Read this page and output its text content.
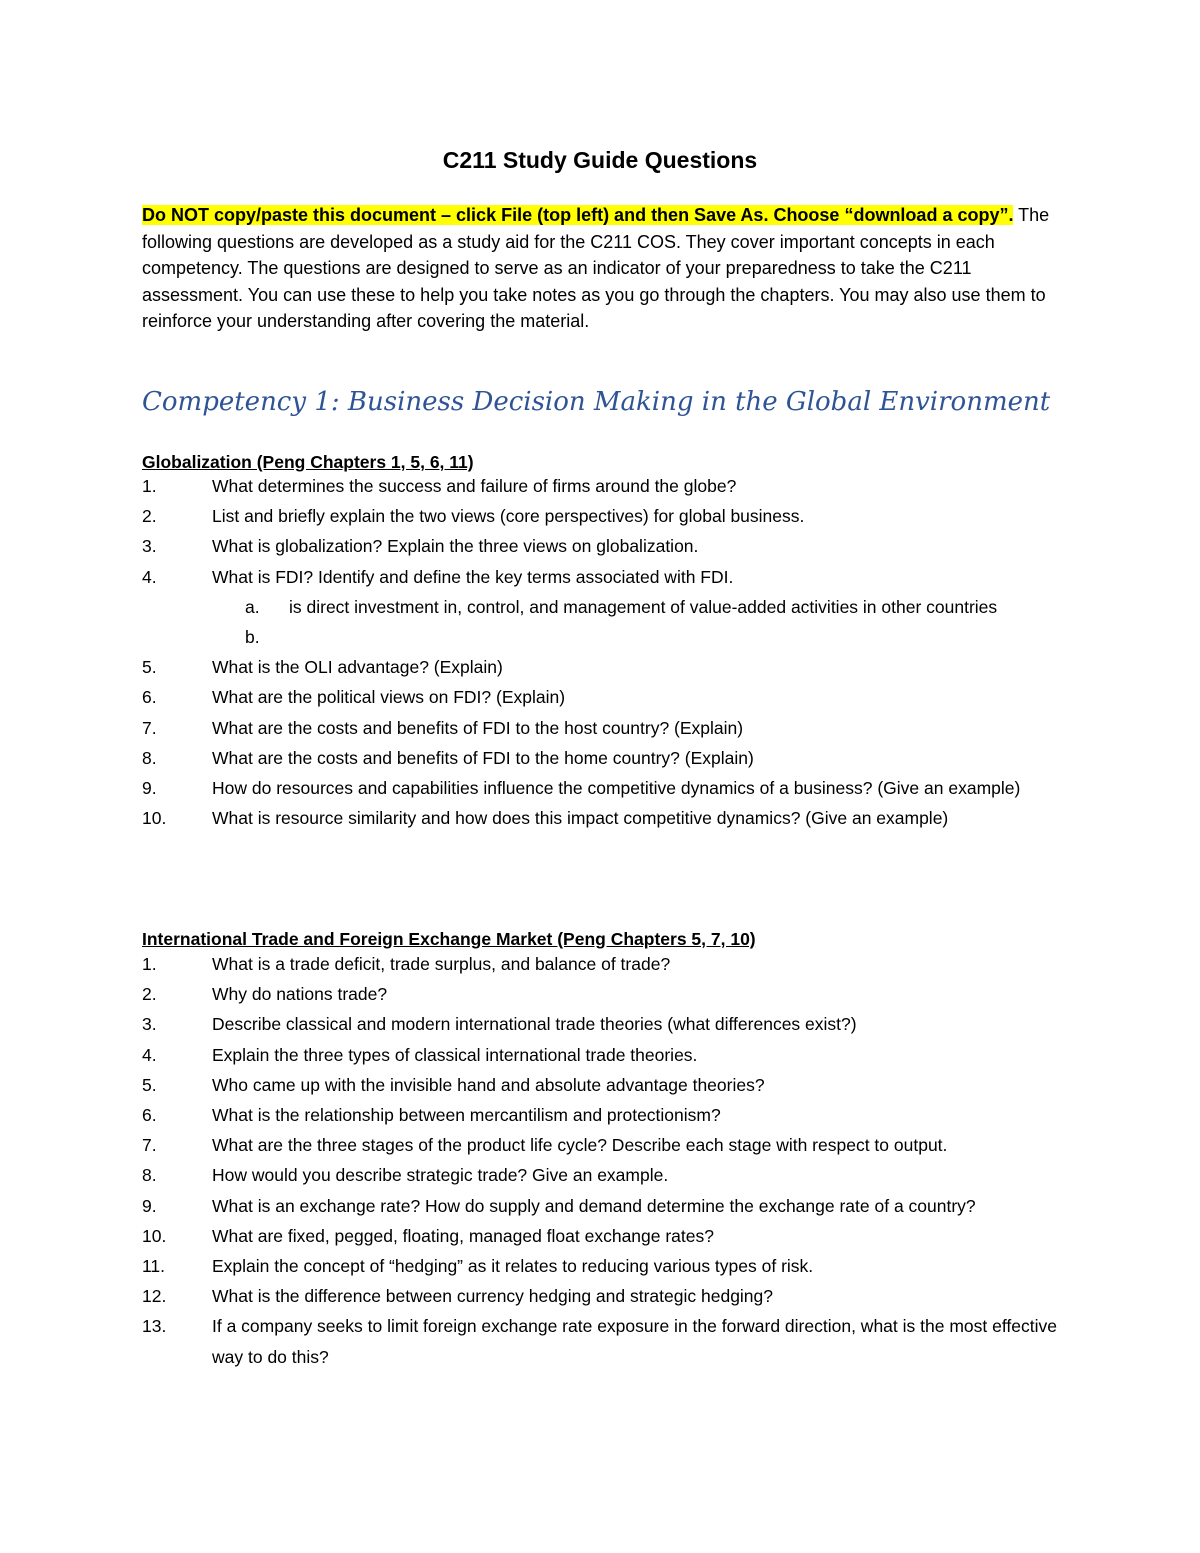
C211 Study Guide Questions
Do NOT copy/paste this document – click File (top left) and then Save As. Choose “download a copy”. The following questions are developed as a study aid for the C211 COS. They cover important concepts in each competency. The questions are designed to serve as an indicator of your preparedness to take the C211 assessment. You can use these to help you take notes as you go through the chapters. You may also use them to reinforce your understanding after covering the material.
Competency 1: Business Decision Making in the Global Environment
Globalization (Peng Chapters 1, 5, 6, 11)
1.	What determines the success and failure of firms around the globe?
2.	List and briefly explain the two views (core perspectives) for global business.
3.	What is globalization? Explain the three views on globalization.
4.	What is FDI? Identify and define the key terms associated with FDI.
a.	is direct investment in, control, and management of value-added activities in other countries
b.
5.	What is the OLI advantage? (Explain)
6.	What are the political views on FDI? (Explain)
7.	What are the costs and benefits of FDI to the host country? (Explain)
8.	What are the costs and benefits of FDI to the home country? (Explain)
9.	How do resources and capabilities influence the competitive dynamics of a business? (Give an example)
10.	What is resource similarity and how does this impact competitive dynamics? (Give an example)
International Trade and Foreign Exchange Market (Peng Chapters 5, 7, 10)
1.	What is a trade deficit, trade surplus, and balance of trade?
2.	Why do nations trade?
3.	Describe classical and modern international trade theories (what differences exist?)
4.	Explain the three types of classical international trade theories.
5.	Who came up with the invisible hand and absolute advantage theories?
6.	What is the relationship between mercantilism and protectionism?
7.	What are the three stages of the product life cycle? Describe each stage with respect to output.
8.	How would you describe strategic trade? Give an example.
9.	What is an exchange rate? How do supply and demand determine the exchange rate of a country?
10.	What are fixed, pegged, floating, managed float exchange rates?
11.	Explain the concept of “hedging” as it relates to reducing various types of risk.
12.	What is the difference between currency hedging and strategic hedging?
13.	If a company seeks to limit foreign exchange rate exposure in the forward direction, what is the most effective way to do this?
